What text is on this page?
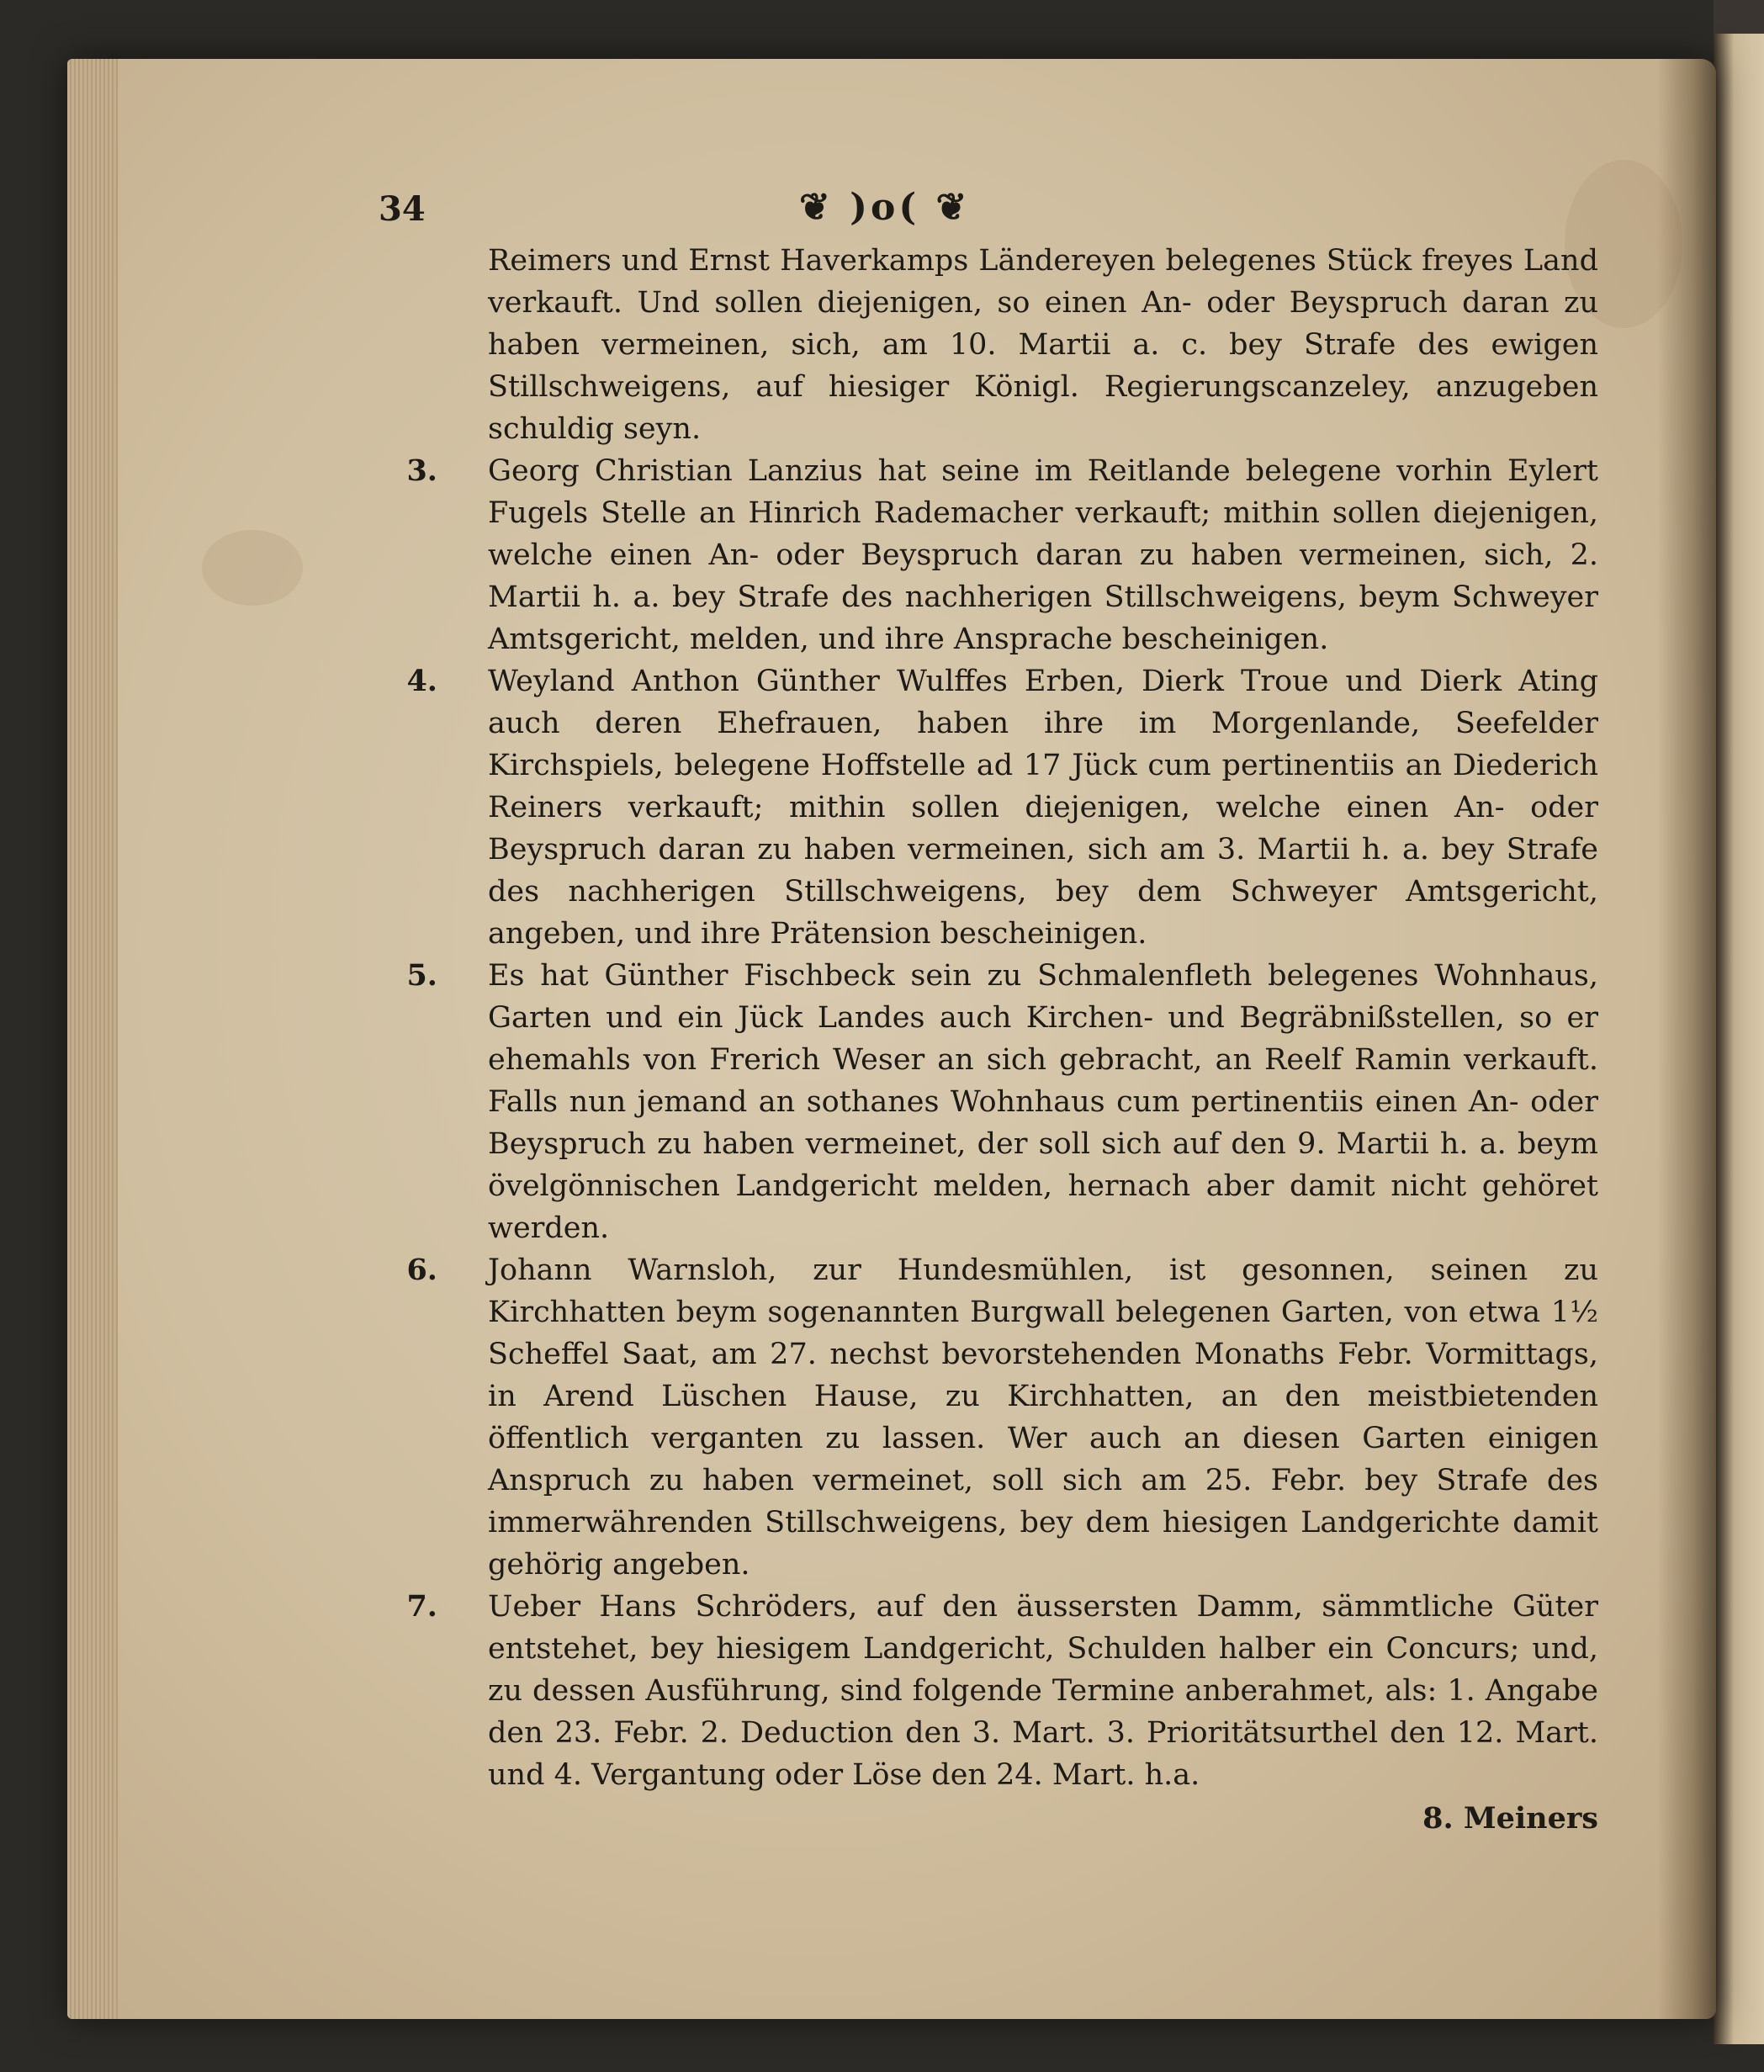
34	❦ )o( ❦
Reimers und Ernst Haverkamps Ländereyen belegenes Stück freyes Land verkauft. Und sollen diejenigen, so einen An- oder Beyspruch daran zu haben vermeinen, sich, am 10. Martii a. c. bey Strafe des ewigen Stillschweigens, auf hiesiger Königl. Regierungscanzeley, anzugeben schuldig seyn.
3. Georg Christian Lanzius hat seine im Reitlande belegene vorhin Eylert Fugels Stelle an Hinrich Rademacher verkauft; mithin sollen diejenigen, welche einen An- oder Beyspruch daran zu haben vermeinen, sich, 2. Martii h. a. bey Strafe des nachherigen Stillschweigens, beym Schweyer Amtsgericht, melden, und ihre Ansprache bescheinigen.
4. Weyland Anthon Günther Wulffes Erben, Dierk Troue und Dierk Ating auch deren Ehefrauen, haben ihre im Morgenlande, Seefelder Kirchspiels, belegene Hoffstelle ad 17 Jück cum pertinentiis an Diederich Reiners verkauft; mithin sollen diejenigen, welche einen An- oder Beyspruch daran zu haben vermeinen, sich am 3. Martii h. a. bey Strafe des nachherigen Stillschweigens, bey dem Schweyer Amtsgericht, angeben, und ihre Prätension bescheinigen.
5. Es hat Günther Fischbeck sein zu Schmalenfleth belegenes Wohnhaus, Garten und ein Jück Landes auch Kirchen- und Begräbnißstellen, so er ehemahls von Frerich Weser an sich gebracht, an Reelf Ramin verkauft. Falls nun jemand an sothanes Wohnhaus cum pertinentiis einen An- oder Beyspruch zu haben vermeinet, der soll sich auf den 9. Martii h. a. beym övelgönnischen Landgericht melden, hernach aber damit nicht gehöret werden.
6. Johann Warnsloh, zur Hundesmühlen, ist gesonnen, seinen zu Kirchhatten beym sogenannten Burgwall belegenen Garten, von etwa 1½ Scheffel Saat, am 27. nechst bevorstehenden Monaths Febr. Vormittags, in Arend Lüschen Hause, zu Kirchhatten, an den meistbietenden öffentlich verganten zu lassen. Wer auch an diesen Garten einigen Anspruch zu haben vermeinet, soll sich am 25. Febr. bey Strafe des immerwährenden Stillschweigens, bey dem hiesigen Landgerichte damit gehörig angeben.
7. Ueber Hans Schröders, auf den äussersten Damm, sämmtliche Güter entstehet, bey hiesigem Landgericht, Schulden halber ein Concurs; und, zu dessen Ausführung, sind folgende Termine anberahmet, als: 1. Angabe den 23. Febr. 2. Deduction den 3. Mart. 3. Prioritätsurthel den 12. Mart. und 4. Vergantung oder Löse den 24. Mart. h.a.
8. Meiners
